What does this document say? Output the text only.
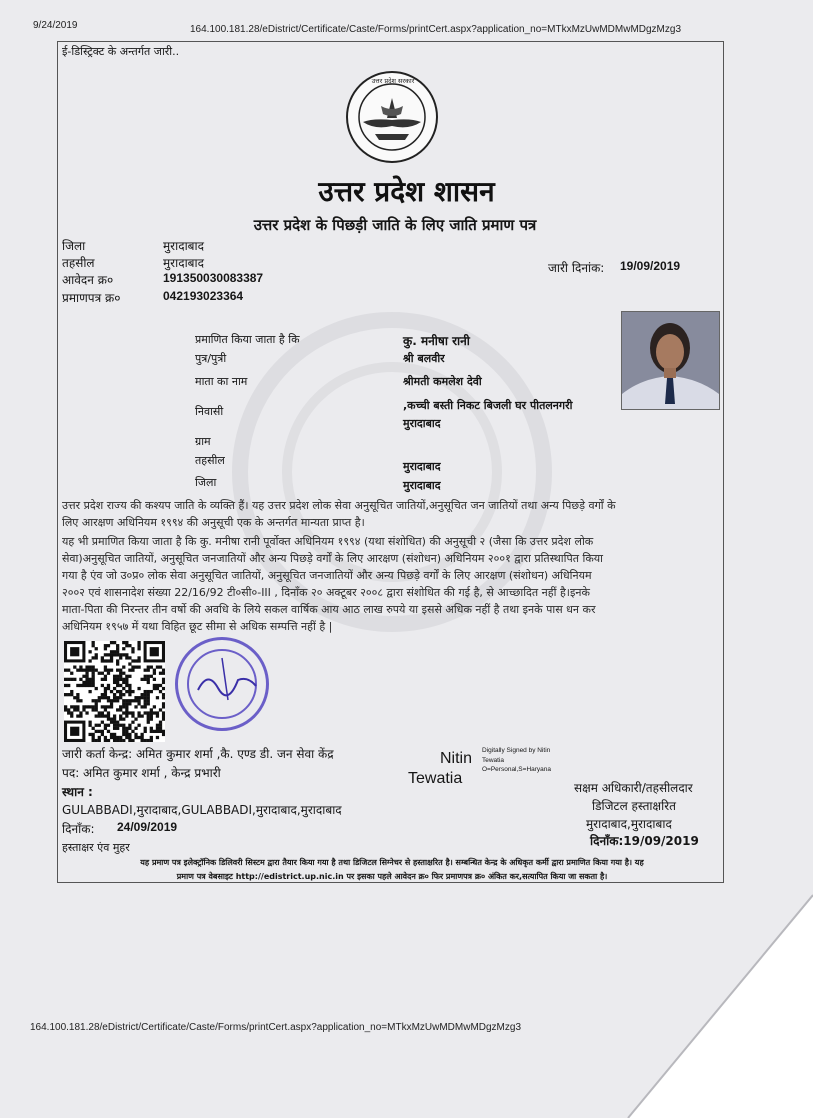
9/24/2019	164.100.181.28/eDistrict/Certificate/Caste/Forms/printCert.aspx?application_no=MTkxMzUwMDMwMDgzMzg3
ई-डिस्ट्रिक्ट के अन्तर्गत जारी..
उत्तर प्रदेश सरकार
उत्तर प्रदेश शासन
उत्तर प्रदेश के पिछड़ी जाति के लिए जाति प्रमाण पत्र
जिला	मुरादाबाद
तहसील	मुरादाबाद
आवेदन क्र०	191350030083387
प्रमाणपत्र क्र०	042193023364
जारी दिनांक: 19/09/2019
प्रमाणित किया जाता है कि	कु. मनीषा रानी
पुत्र/पुत्री	श्री बलवीर
माता का नाम	श्रीमती कमलेश देवी
निवासी	,कच्ची बस्ती निकट बिजली घर पीतलनगरी
मुरादाबाद
ग्राम
तहसील	मुरादाबाद
जिला	मुरादाबाद
उत्तर प्रदेश राज्य की कश्यप जाति के व्यक्ति हैं। यह उत्तर प्रदेश लोक सेवा अनुसूचित जातियों,अनुसूचित जन जातियों तथा अन्य पिछड़े वर्गों के
लिए आरक्षण अधिनियम १९९४ की अनुसूची एक के अन्तर्गत मान्यता प्राप्त है।
यह भी प्रमाणित किया जाता है कि कु. मनीषा रानी पूर्वोक्त अधिनियम १९९४ (यथा संशोधित) की अनुसूची २ (जैसा कि उत्तर प्रदेश लोक
सेवा)अनुसूचित जातियों, अनुसूचित जनजातियों और अन्य पिछड़े वर्गों के लिए आरक्षण (संशोधन) अधिनियम २००१ द्वारा प्रतिस्थापित किया
गया है एंव जो उ०प्र० लोक सेवा अनुसूचित जातियों, अनुसूचित जनजातियों और अन्य पिछड़े वर्गों के लिए आरक्षण (संशोधन) अधिनियम
२००२ एवं शासनादेश संख्या 22/16/92 टी०सी०-III , दिनाँक २० अक्टूबर २००८ द्वारा संशोधित की गई है, से आच्छादित नहीं है।इनके
माता-पिता की निरन्तर तीन वर्षो की अवधि के लिये सकल वार्षिक आय आठ लाख रुपये या इससे अधिक नहीं है तथा इनके पास धन कर
अधिनियम १९५७ में यथा विहित छूट सीमा से अधिक सम्पत्ति नहीं है |
जारी कर्ता केन्द्र: अमित कुमार शर्मा ,कै. एण्ड डी. जन सेवा केंद्र
पद: अमित कुमार शर्मा , केन्द्र प्रभारी
स्थान :
GULABBADI,मुरादाबाद,GULABBADI,मुरादाबाद,मुरादाबाद
दिनाँक: 24/09/2019
हस्ताक्षर एंव मुहर
Nitin
Tewatia
Digitally Signed by Nitin
Tewatia
O=Personal,S=Haryana
सक्षम अधिकारी/तहसीलदार
डिजिटल हस्ताक्षरित
मुरादाबाद,मुरादाबाद
दिनाँक:19/09/2019
यह प्रमाण पत्र इलेक्ट्रॉनिक डिलिवरी सिस्टम द्वारा तैयार किया गया है तथा डिजिटल सिग्नेचर से हस्ताक्षरित है। सम्बन्धित केन्द्र के अधिकृत कर्मी द्वारा प्रमाणित किया गया है। यह
प्रमाण पत्र वेबसाइट http://edistrict.up.nic.in पर इसका पहले आवेदन क्र० फिर प्रमाणपत्र क्र० अंकित कर,सत्यापित किया जा सकता है।
164.100.181.28/eDistrict/Certificate/Caste/Forms/printCert.aspx?application_no=MTkxMzUwMDMwMDgzMzg3
